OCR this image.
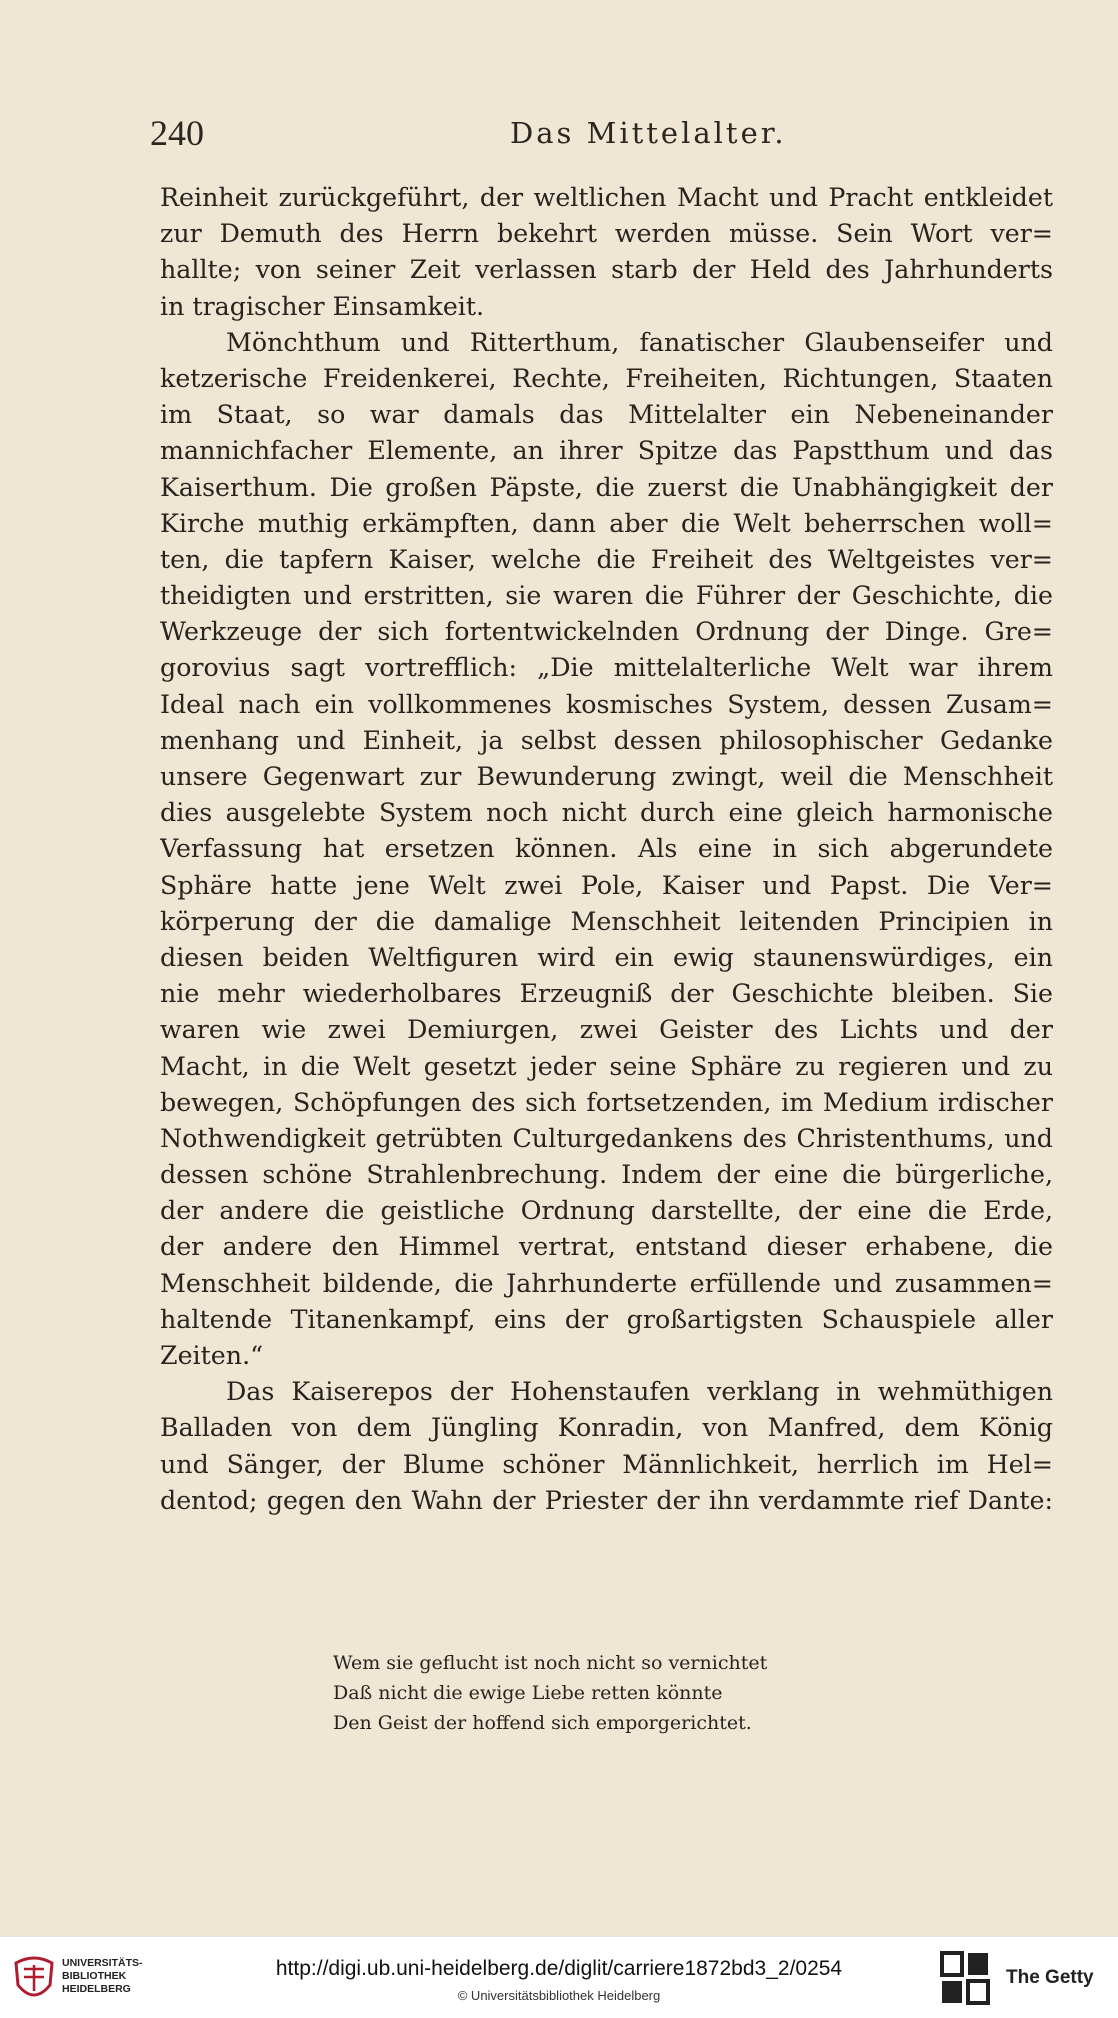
240	Das Mittelalter.
Reinheit zurückgeführt, der weltlichen Macht und Pracht entkleidet
zur Demuth des Herrn bekehrt werden müsse. Sein Wort ver=
hallte; von seiner Zeit verlassen starb der Held des Jahrhunderts
in tragischer Einsamkeit.
Mönchthum und Ritterthum, fanatischer Glaubenseifer und
ketzerische Freidenkerei, Rechte, Freiheiten, Richtungen, Staaten
im Staat, so war damals das Mittelalter ein Nebeneinander
mannichfacher Elemente, an ihrer Spitze das Papstthum und das
Kaiserthum. Die großen Päpste, die zuerst die Unabhängigkeit der
Kirche muthig erkämpften, dann aber die Welt beherrschen woll=
ten, die tapfern Kaiser, welche die Freiheit des Weltgeistes ver=
theidigten und erstritten, sie waren die Führer der Geschichte, die
Werkzeuge der sich fortentwickelnden Ordnung der Dinge. Gre=
gorovius sagt vortrefflich: „Die mittelalterliche Welt war ihrem
Ideal nach ein vollkommenes kosmisches System, dessen Zusam=
menhang und Einheit, ja selbst dessen philosophischer Gedanke
unsere Gegenwart zur Bewunderung zwingt, weil die Menschheit
dies ausgelebte System noch nicht durch eine gleich harmonische
Verfassung hat ersetzen können. Als eine in sich abgerundete
Sphäre hatte jene Welt zwei Pole, Kaiser und Papst. Die Ver=
körperung der die damalige Menschheit leitenden Principien in
diesen beiden Weltfiguren wird ein ewig staunenswürdiges, ein
nie mehr wiederholbares Erzeugniß der Geschichte bleiben. Sie
waren wie zwei Demiurgen, zwei Geister des Lichts und der
Macht, in die Welt gesetzt jeder seine Sphäre zu regieren und zu
bewegen, Schöpfungen des sich fortsetzenden, im Medium irdischer
Nothwendigkeit getrübten Culturgedankens des Christenthums, und
dessen schöne Strahlenbrechung. Indem der eine die bürgerliche,
der andere die geistliche Ordnung darstellte, der eine die Erde,
der andere den Himmel vertrat, entstand dieser erhabene, die
Menschheit bildende, die Jahrhunderte erfüllende und zusammen=
haltende Titanenkampf, eins der großartigsten Schauspiele aller
Zeiten.“
Das Kaiserepos der Hohenstaufen verklang in wehmüthigen
Balladen von dem Jüngling Konradin, von Manfred, dem König
und Sänger, der Blume schöner Männlichkeit, herrlich im Hel=
dentod; gegen den Wahn der Priester der ihn verdammte rief Dante:
Wem sie geflucht ist noch nicht so vernichtet
Daß nicht die ewige Liebe retten könnte
Den Geist der hoffend sich emporgerichtet.
UNIVERSITÄTS-
BIBLIOTHEK
HEIDELBERG
http://digi.ub.uni-heidelberg.de/diglit/carriere1872bd3_2/0254
© Universitätsbibliothek Heidelberg
The Getty
